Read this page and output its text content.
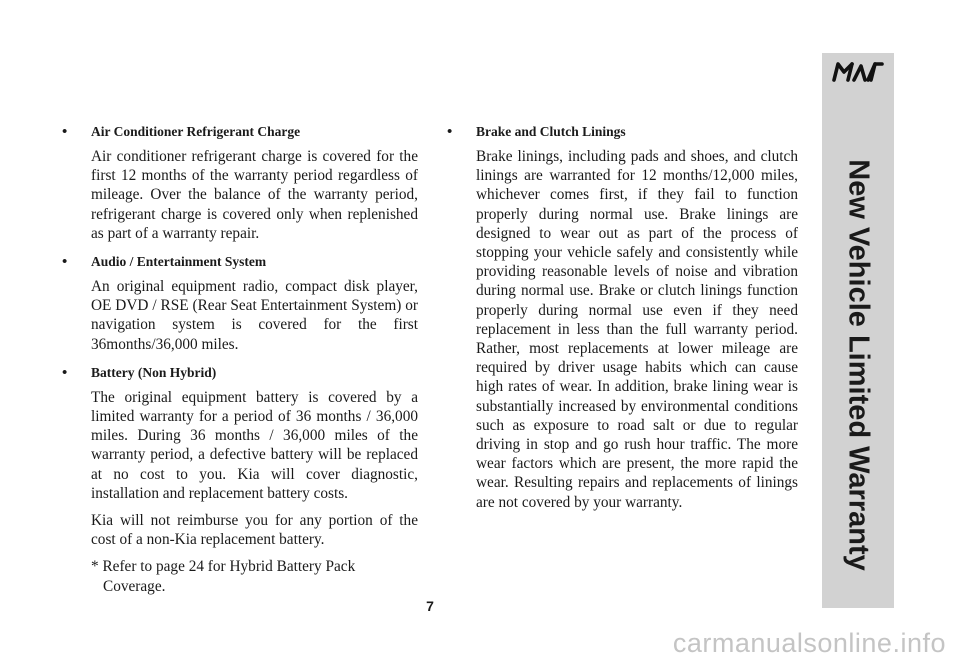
• Air Conditioner Refrigerant Charge

Air conditioner refrigerant charge is covered for the first 12 months of the warranty period regardless of mileage. Over the balance of the warranty period, refrigerant charge is covered only when replenished as part of a warranty repair.

• Audio / Entertainment System

An original equipment radio, compact disk player, OE DVD / RSE (Rear Seat Entertainment System) or navigation system is covered for the first 36months/36,000 miles.

• Battery (Non Hybrid)

The original equipment battery is covered by a limited warranty for a period of 36 months / 36,000 miles. During 36 months / 36,000 miles of the warranty period, a defective battery will be replaced at no cost to you. Kia will cover diagnostic, installation and replacement battery costs.

Kia will not reimburse you for any portion of the cost of a non-Kia replacement battery.

* Refer to page 24 for Hybrid Battery Pack
Coverage.
• Brake and Clutch Linings

Brake linings, including pads and shoes, and clutch linings are warranted for 12 months/12,000 miles, whichever comes first, if they fail to function properly during normal use. Brake linings are designed to wear out as part of the process of stopping your vehicle safely and consistently while providing reasonable levels of noise and vibration during normal use. Brake or clutch linings function properly during normal use even if they need replacement in less than the full warranty period. Rather, most replacements at lower mileage are required by driver usage habits which can cause high rates of wear. In addition, brake lining wear is substantially increased by environmental conditions such as exposure to road salt or due to regular driving in stop and go rush hour traffic. The more wear factors which are present, the more rapid the wear. Resulting repairs and replacements of linings are not covered by your warranty.

7
New Vehicle Limited Warranty
carmanualsonline.info
